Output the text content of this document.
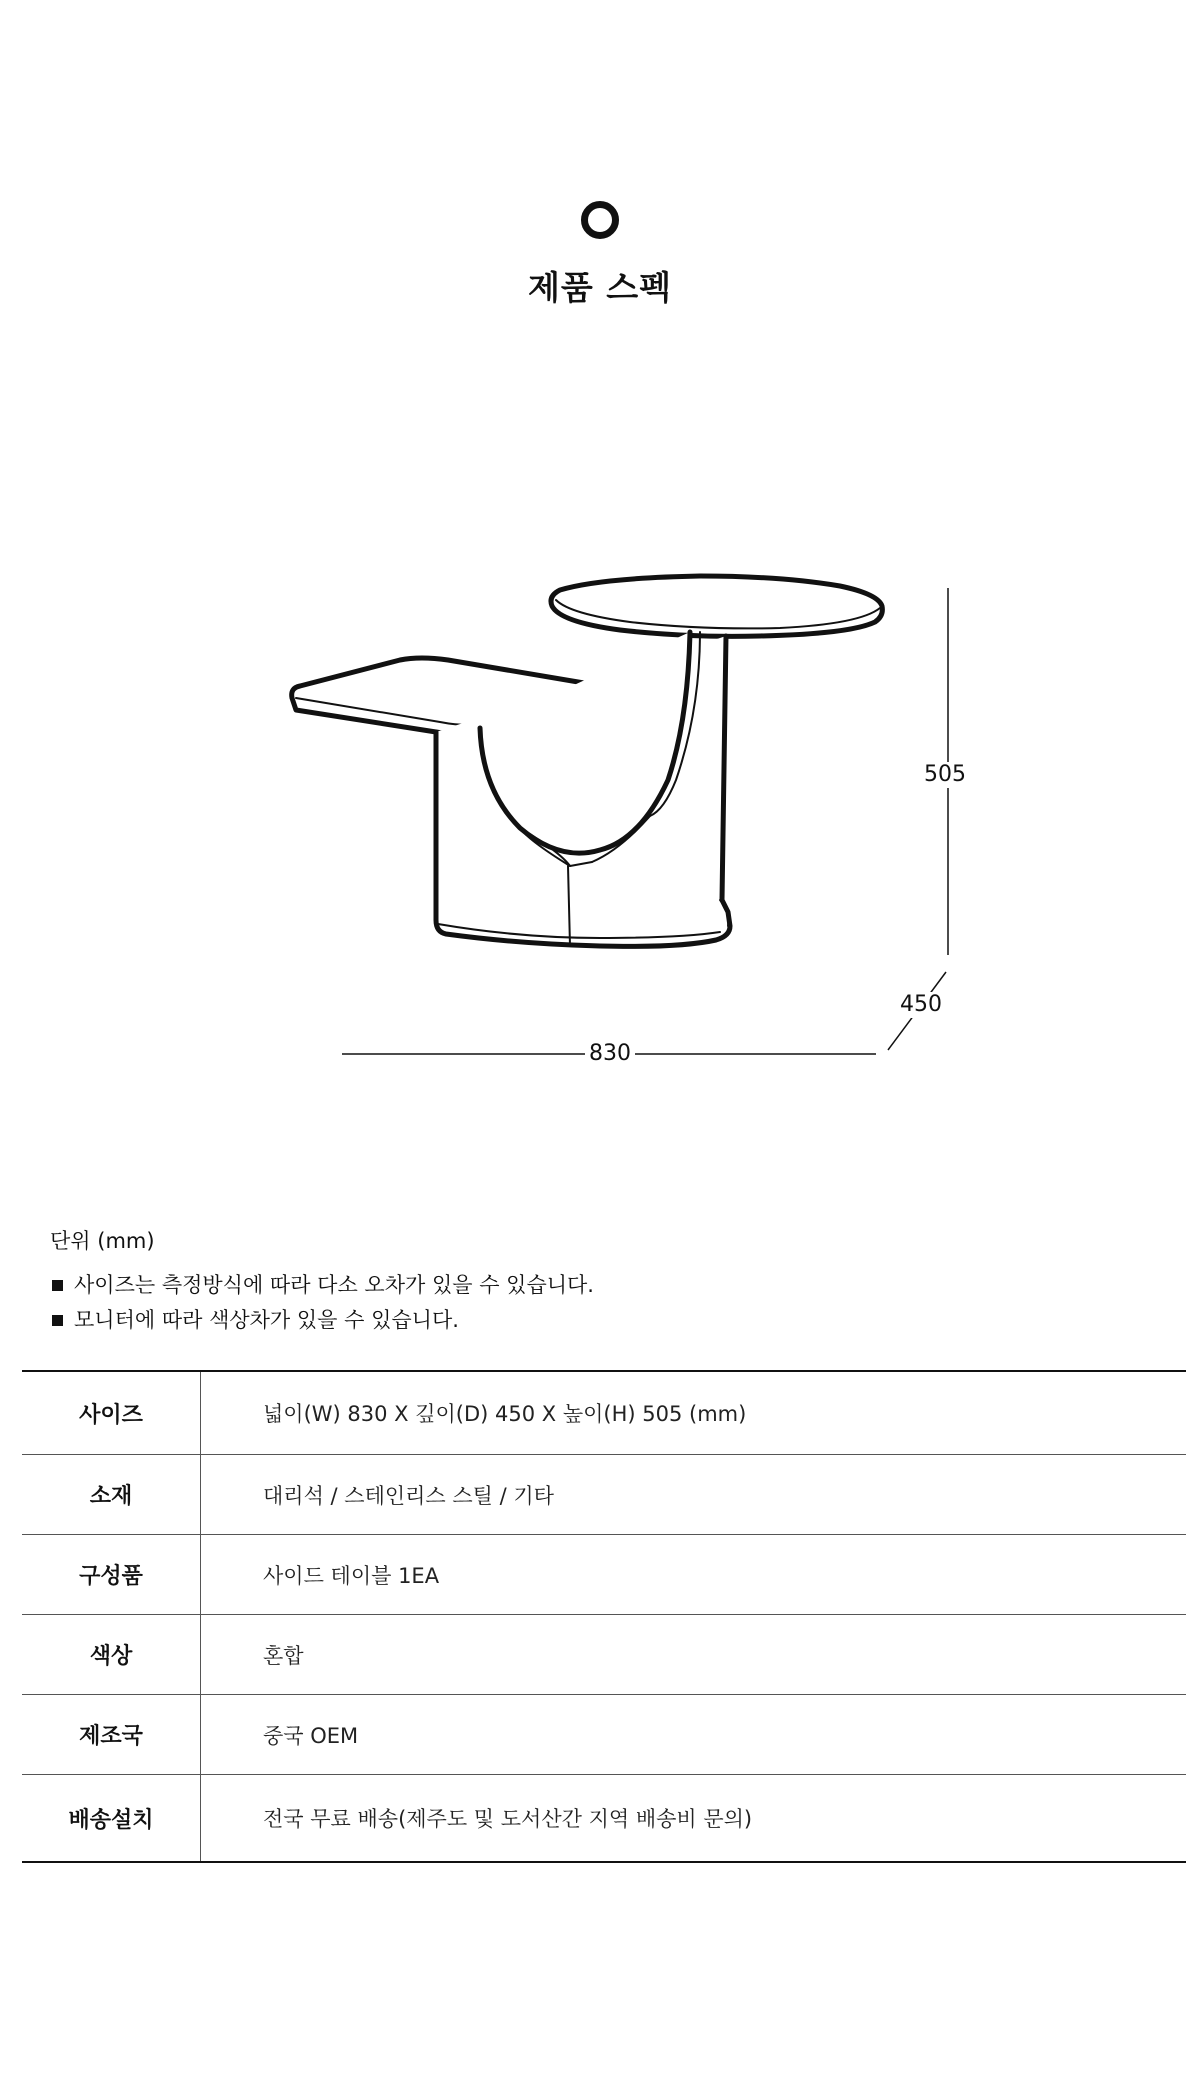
제품 스펙
505
450
830
단위 (mm)
사이즈는 측정방식에 따라 다소 오차가 있을 수 있습니다.
모니터에 따라 색상차가 있을 수 있습니다.
사이즈	넓이(W) 830 X 깊이(D) 450 X 높이(H) 505 (mm)
소재	대리석 / 스테인리스 스틸 / 기타
구성품	사이드 테이블 1EA
색상	혼합
제조국	중국 OEM
배송설치	전국 무료 배송(제주도 및 도서산간 지역 배송비 문의)
